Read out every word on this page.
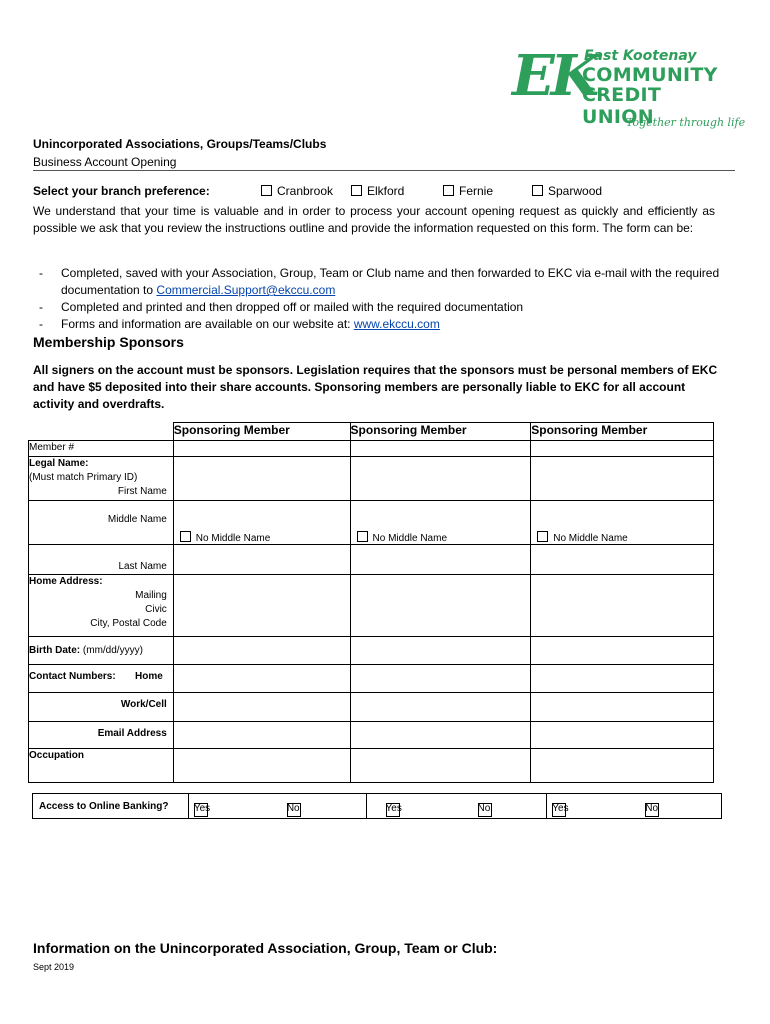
EK
East Kootenay
COMMUNITY
CREDIT UNION
Together through life
Unincorporated Associations, Groups/Teams/Clubs
Business Account Opening
Select your branch preference:	Cranbrook	Elkford	Fernie	Sparwood
We understand that your time is valuable and in order to process your account opening request as quickly and efficiently as possible we ask that you review the instructions outline and provide the information requested on this form. The form can be:
- Completed, saved with your Association, Group, Team or Club name and then forwarded to EKC via e-mail with the required documentation to Commercial.Support@ekccu.com
- Completed and printed and then dropped off or mailed with the required documentation
- Forms and information are available on our website at: www.ekccu.com
Membership Sponsors
All signers on the account must be sponsors. Legislation requires that the sponsors must be personal members of EKC and have $5 deposited into their share accounts. Sponsoring members are personally liable to EKC for all account activity and overdrafts.
	Sponsoring Member	Sponsoring Member	Sponsoring Member
Member #			

Legal Name:
(Must match Primary ID)
First Name			

Middle Name	No Middle Name	No Middle Name	No Middle Name

Last Name			

Home Address:
Mailing
Civic
City, Postal Code			

Birth Date: (mm/dd/yyyy)			
Contact Numbers: Home			

Work/Cell			

Email Address			

Occupation			

Access to Online Banking?	Yes	No	Yes	No	Yes	No
Information on the Unincorporated Association, Group, Team or Club:
Sept 2019
